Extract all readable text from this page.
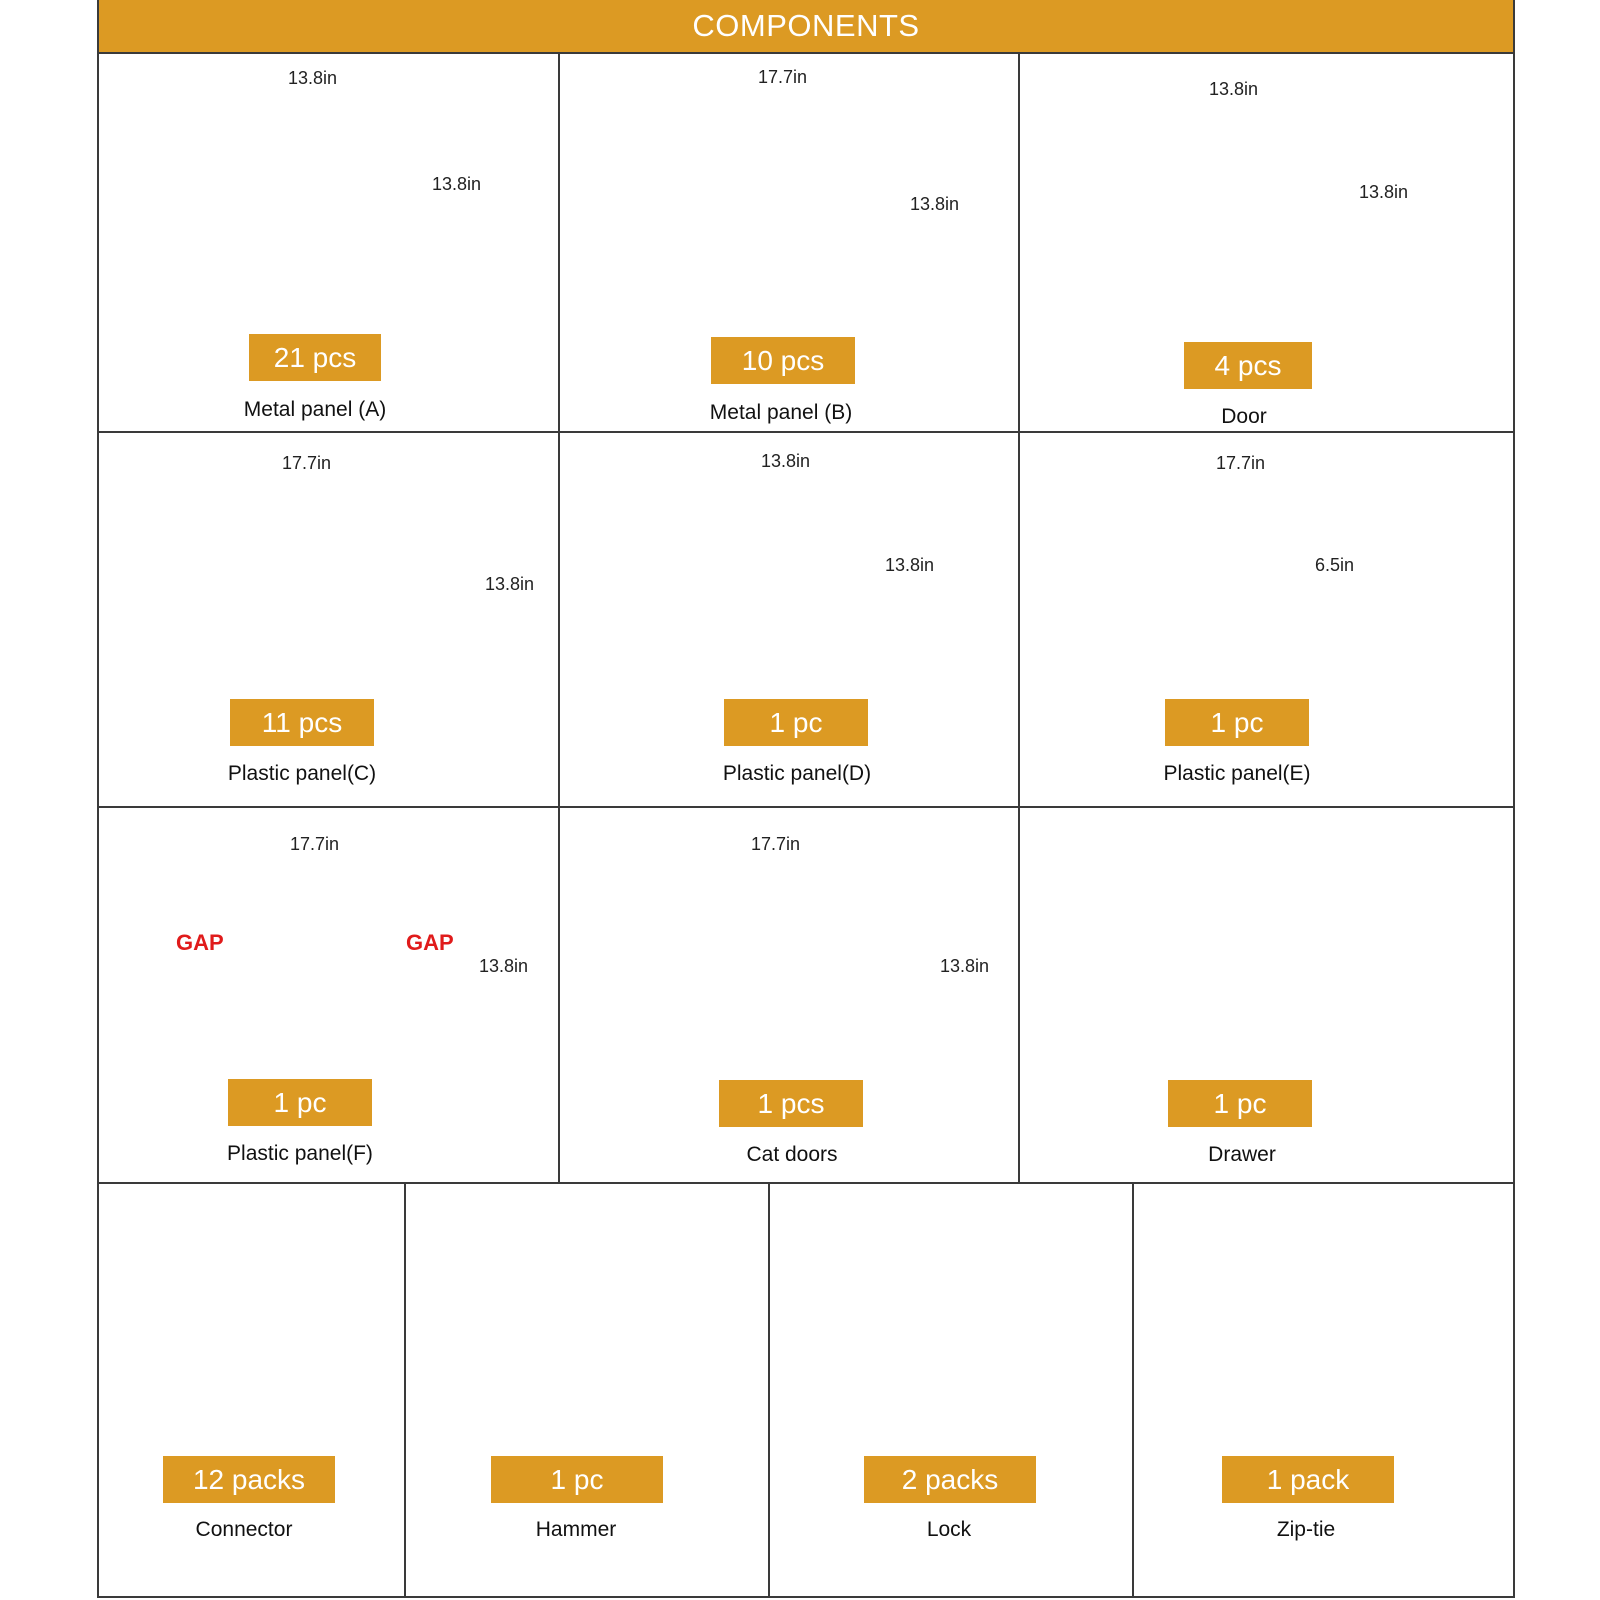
COMPONENTS
13.8in
13.8in
21 pcs
Metal panel (A)
17.7in
13.8in
10 pcs
Metal panel (B)
13.8in
13.8in
4 pcs
Door
17.7in
13.8in
11 pcs
Plastic panel(C)
13.8in
13.8in
1 pc
Plastic panel(D)
17.7in
6.5in
1 pc
Plastic panel(E)
GAP	GAP
17.7in
13.8in
1 pc
Plastic panel(F)
17.7in
13.8in
1 pcs
Cat doors
1 pc
Drawer
12 packs
Connector
1 pc
Hammer
2 packs
Lock
1 pack
Zip-tie
